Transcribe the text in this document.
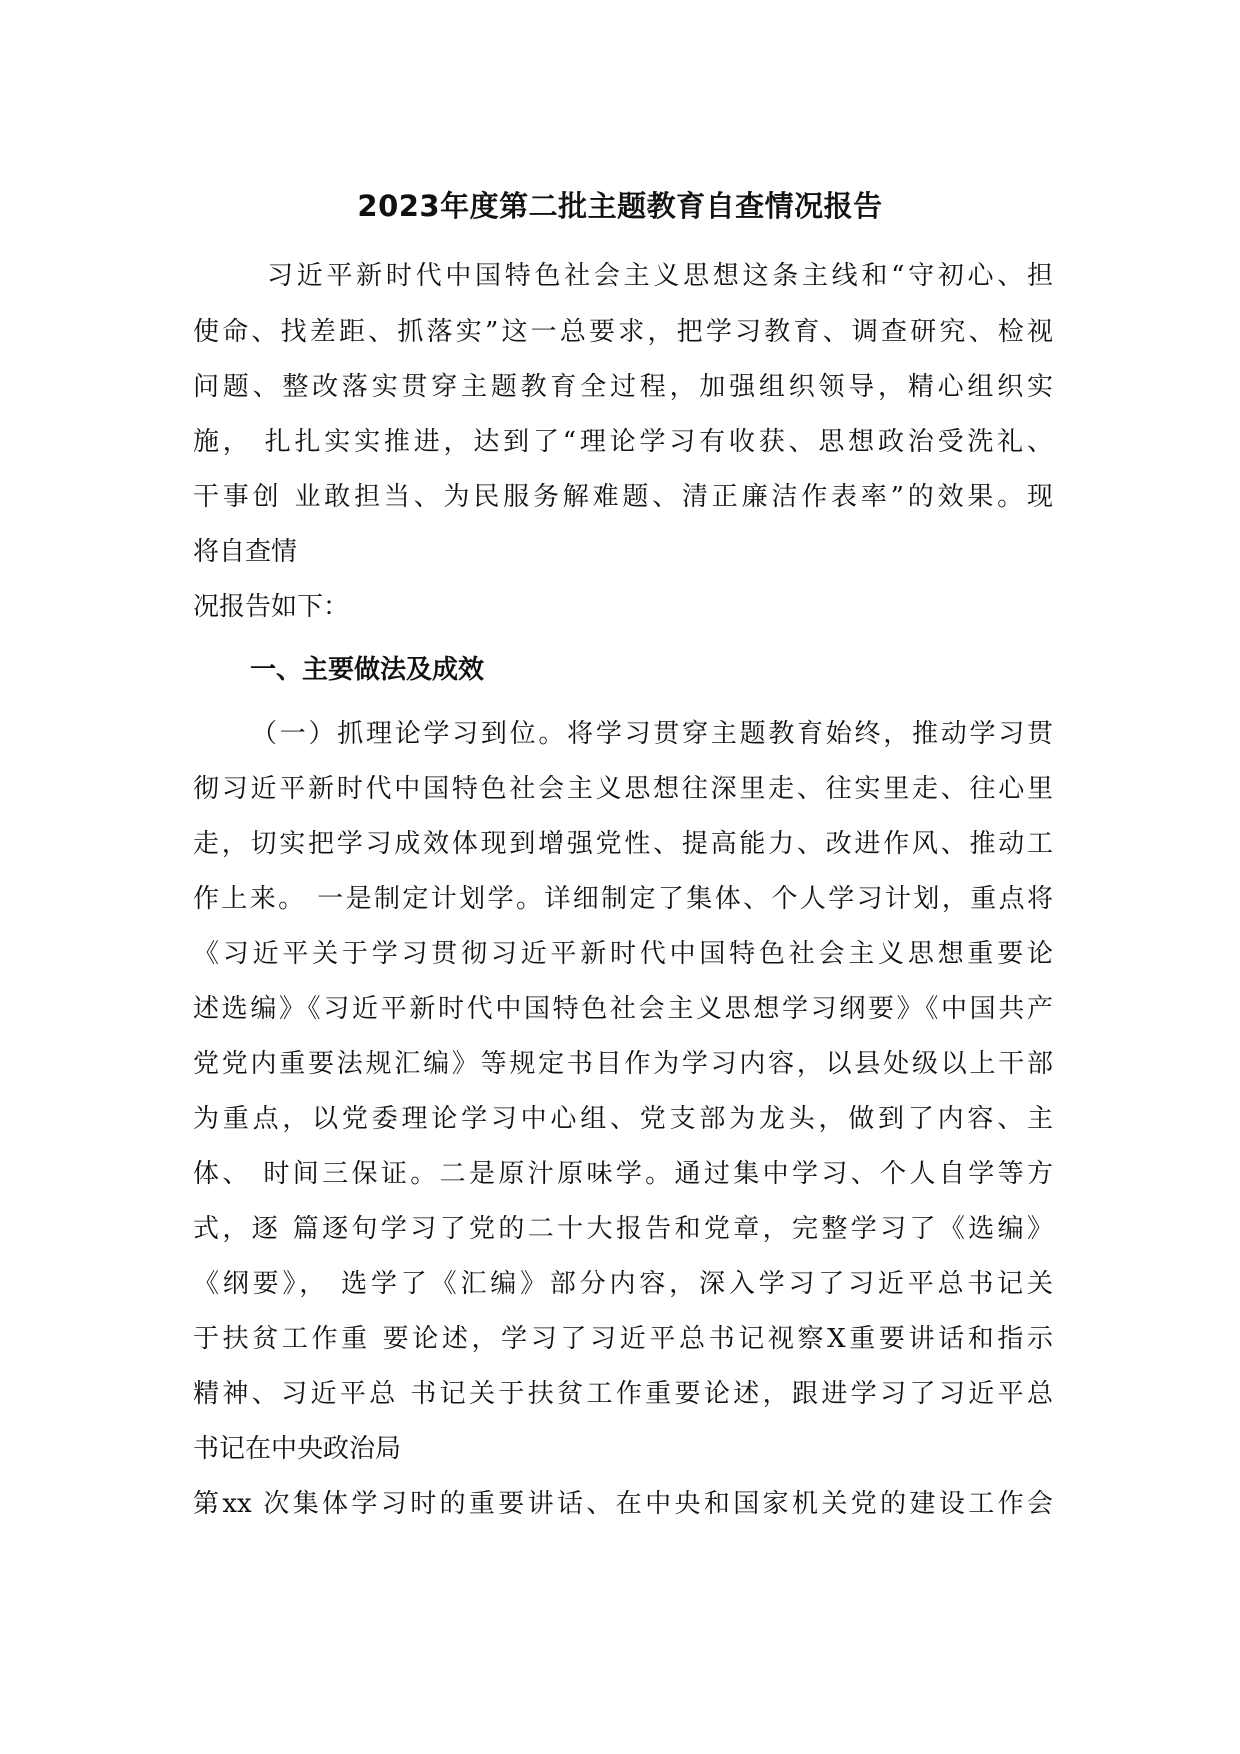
2023年度第二批主题教育自查情况报告
习近平新时代中国特色社会主义思想这条主线和“守初心、担
使命、找差距、抓落实”这一总要求，把学习教育、调查研究、检视
问题、整改落实贯穿主题教育全过程，加强组织领导，精心组织实
施， 扎扎实实推进，达到了“理论学习有收获、思想政治受洗礼、
干事创 业敢担当、为民服务解难题、清正廉洁作表率”的效果。现
将自查情
况报告如下：
一、主要做法及成效
（一）抓理论学习到位。将学习贯穿主题教育始终，推动学习贯
彻习近平新时代中国特色社会主义思想往深里走、往实里走、往心里
走，切实把学习成效体现到增强党性、提高能力、改进作风、推动工
作上来。 一是制定计划学。详细制定了集体、个人学习计划，重点将
《习近平关于学习贯彻习近平新时代中国特色社会主义思想重要论
述选编》《习近平新时代中国特色社会主义思想学习纲要》《中国共产
党党内重要法规汇编》等规定书目作为学习内容，以县处级以上干部
为重点，以党委理论学习中心组、党支部为龙头，做到了内容、主
体、 时间三保证。二是原汁原味学。通过集中学习、个人自学等方
式，逐 篇逐句学习了党的二十大报告和党章，完整学习了《选编》
《纲要》， 选学了《汇编》部分内容，深入学习了习近平总书记关
于扶贫工作重 要论述，学习了习近平总书记视察X重要讲话和指示
精神、习近平总 书记关于扶贫工作重要论述，跟进学习了习近平总
书记在中央政治局
第xx 次集体学习时的重要讲话、在中央和国家机关党的建设工作会
